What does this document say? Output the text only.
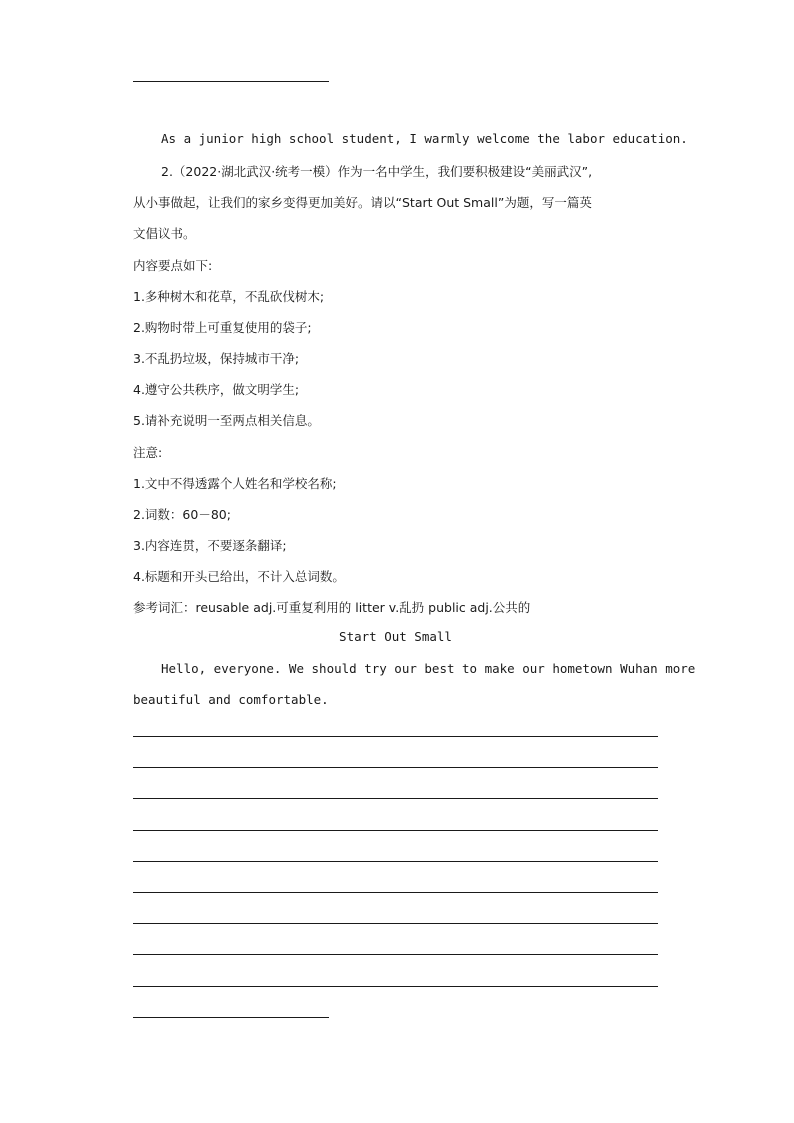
As a junior high school student, I warmly welcome the labor education.
2.（2022·湖北武汉·统考一模）作为一名中学生，我们要积极建设“美丽武汉”,
从小事做起，让我们的家乡变得更加美好。请以“Start Out Small”为题，写一篇英
文倡议书。
内容要点如下:
1.多种树木和花草，不乱砍伐树木;
2.购物时带上可重复使用的袋子;
3.不乱扔垃圾，保持城市干净;
4.遵守公共秩序，做文明学生;
5.请补充说明一至两点相关信息。
注意:
1.文中不得透露个人姓名和学校名称;
2.词数：60－80;
3.内容连贯，不要逐条翻译;
4.标题和开头已给出，不计入总词数。
参考词汇：reusable adj.可重复利用的 litter v.乱扔 public adj.公共的
Start Out Small
Hello, everyone. We should try our best to make our hometown Wuhan more
beautiful and comfortable.
